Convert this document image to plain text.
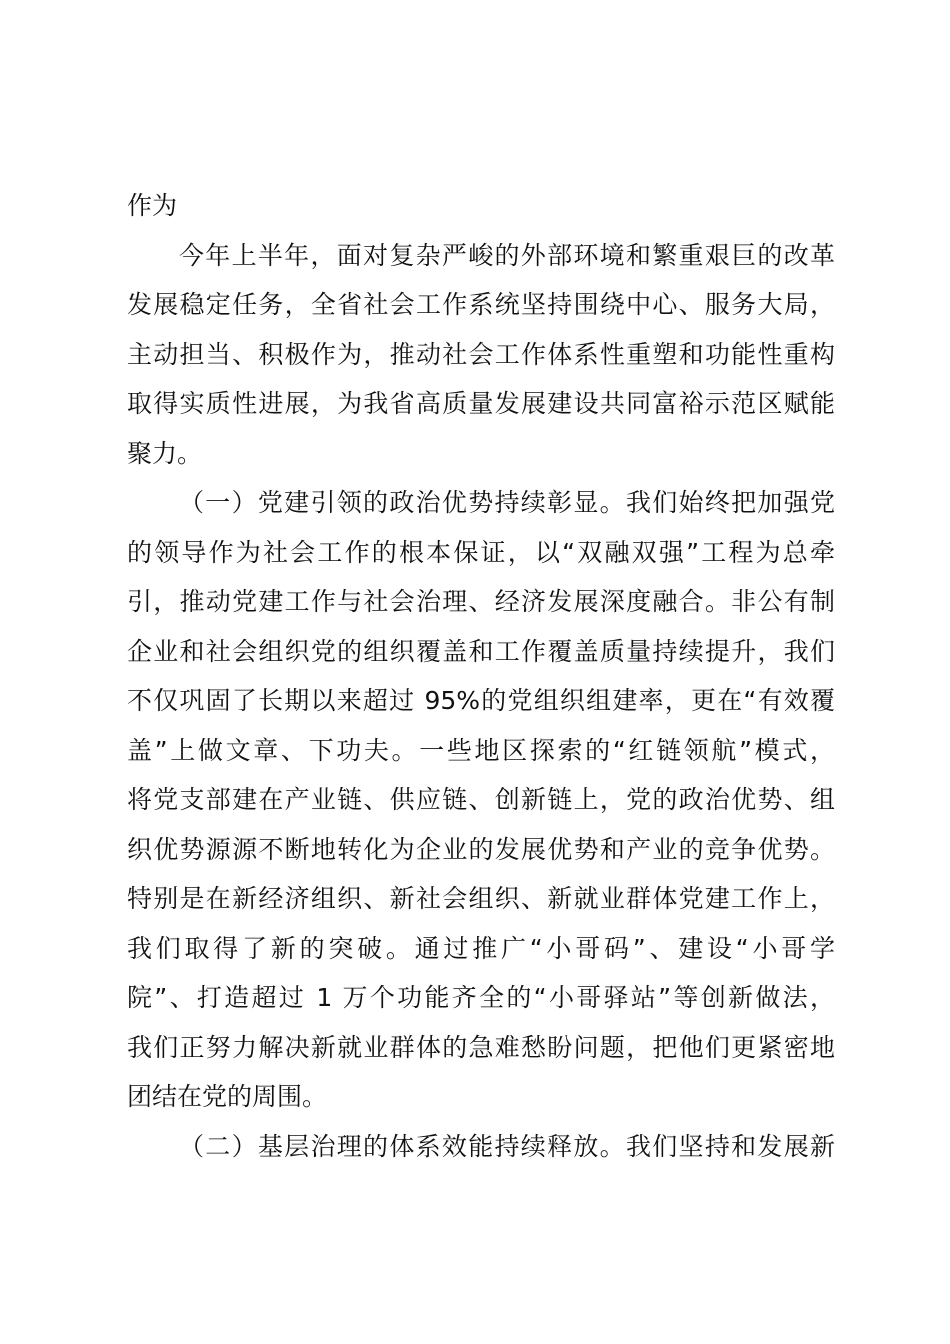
作为
今年上半年，面对复杂严峻的外部环境和繁重艰巨的改革
发展稳定任务，全省社会工作系统坚持围绕中心、服务大局，
主动担当、积极作为，推动社会工作体系性重塑和功能性重构
取得实质性进展，为我省高质量发展建设共同富裕示范区赋能
聚力。
（一）党建引领的政治优势持续彰显。我们始终把加强党
的领导作为社会工作的根本保证，以“双融双强”工程为总牵
引，推动党建工作与社会治理、经济发展深度融合。非公有制
企业和社会组织党的组织覆盖和工作覆盖质量持续提升，我们
不仅巩固了长期以来超过 95%的党组织组建率，更在“有效覆
盖”上做文章、下功夫。一些地区探索的“红链领航”模式，
将党支部建在产业链、供应链、创新链上，党的政治优势、组
织优势源源不断地转化为企业的发展优势和产业的竞争优势。
特别是在新经济组织、新社会组织、新就业群体党建工作上，
我们取得了新的突破。通过推广“小哥码”、建设“小哥学
院”、打造超过 1 万个功能齐全的“小哥驿站”等创新做法，
我们正努力解决新就业群体的急难愁盼问题，把他们更紧密地
团结在党的周围。
（二）基层治理的体系效能持续释放。我们坚持和发展新
